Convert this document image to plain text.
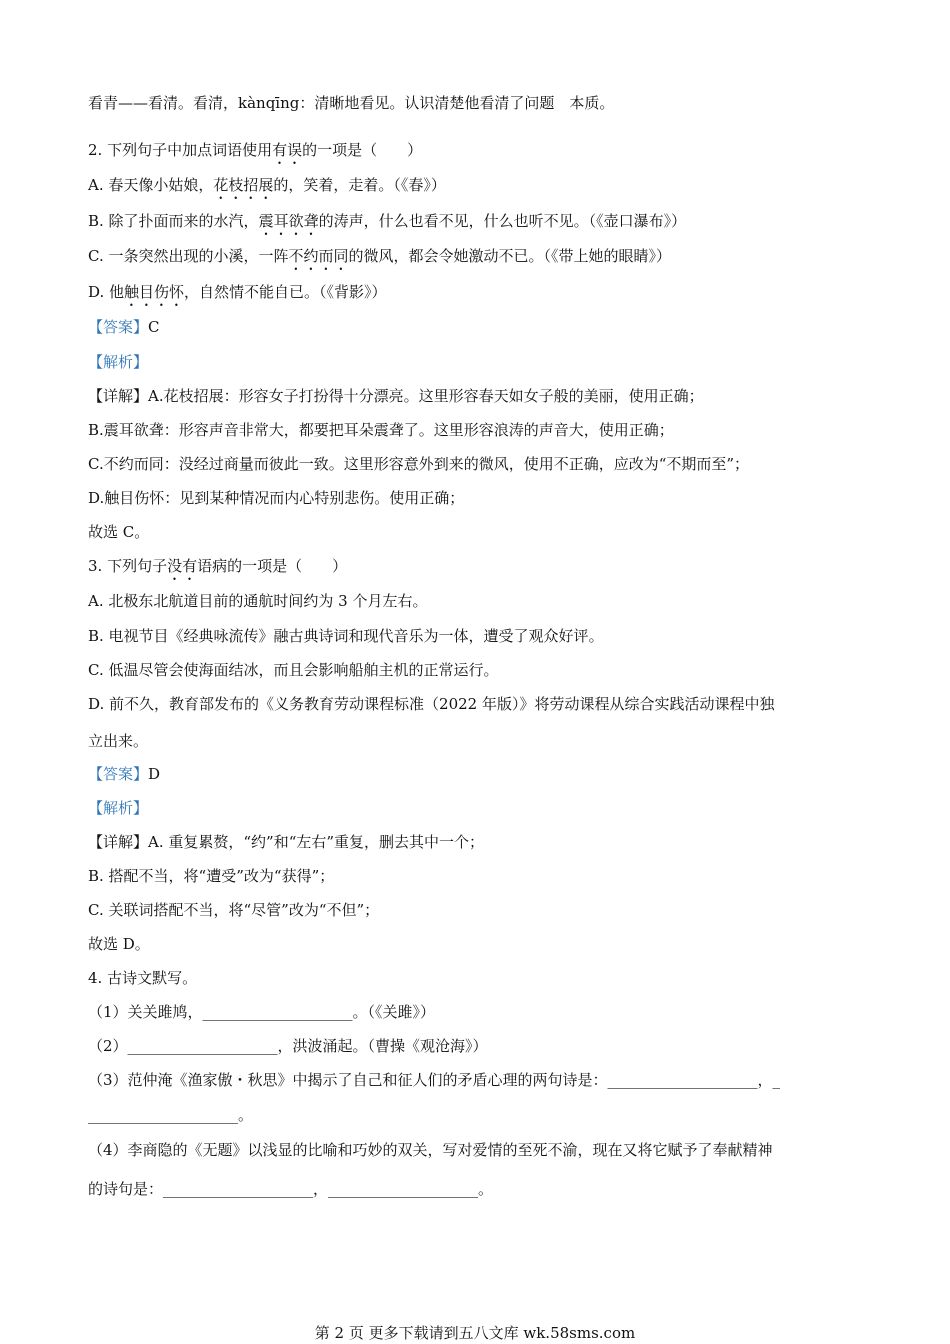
看青——看清。看清，kànqīng：清晰地看见。认识清楚他看清了问题　本质。
2. 下列句子中加点词语使用有误的一项是（　　）
A. 春天像小姑娘，花枝招展的，笑着，走着。（《春》）
B. 除了扑面而来的水汽，震耳欲聋的涛声，什么也看不见，什么也听不见。（《壶口瀑布》）
C. 一条突然出现的小溪，一阵不约而同的微风，都会令她激动不已。（《带上她的眼睛》）
D. 他触目伤怀，自然情不能自已。（《背影》）
【答案】C
【解析】
【详解】A.花枝招展：形容女子打扮得十分漂亮。这里形容春天如女子般的美丽，使用正确；
B.震耳欲聋：形容声音非常大，都要把耳朵震聋了。这里形容浪涛的声音大，使用正确；
C.不约而同：没经过商量而彼此一致。这里形容意外到来的微风，使用不正确，应改为“不期而至”；
D.触目伤怀：见到某种情况而内心特别悲伤。使用正确；
故选 C。
3. 下列句子没有语病的一项是（　　）
A. 北极东北航道目前的通航时间约为 3 个月左右。
B. 电视节目《经典咏流传》融古典诗词和现代音乐为一体，遭受了观众好评。
C. 低温尽管会使海面结冰，而且会影响船舶主机的正常运行。
D. 前不久，教育部发布的《义务教育劳动课程标准（2022 年版）》将劳动课程从综合实践活动课程中独
立出来。
【答案】D
【解析】
【详解】A. 重复累赘，“约”和“左右”重复，删去其中一个；
B. 搭配不当，将“遭受”改为“获得”；
C. 关联词搭配不当，将“尽管”改为“不但”；
故选 D。
4. 古诗文默写。
（1）关关雎鸠，____________________。（《关雎》）
（2）____________________，洪波涌起。（曹操《观沧海》）
（3）范仲淹《渔家傲・秋思》中揭示了自己和征人们的矛盾心理的两句诗是：____________________，_
____________________。
（4）李商隐的《无题》以浅显的比喻和巧妙的双关，写对爱情的至死不渝，现在又将它赋予了奉献精神
的诗句是：____________________，____________________。
第 2 页 更多下载请到五八文库 wk.58sms.com
